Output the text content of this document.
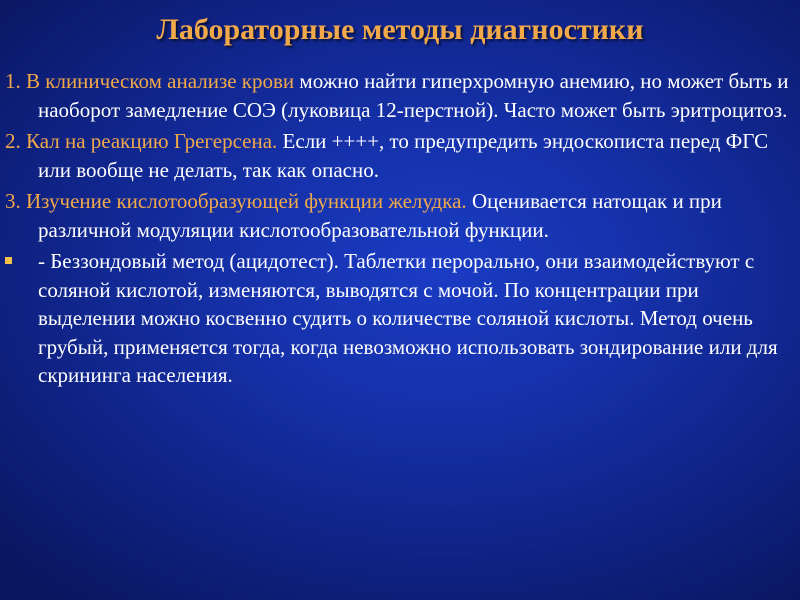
Лабораторные методы диагностики

1. В клиническом анализе крови можно найти гиперхромную анемию, но может быть и наоборот замедление СОЭ (луковица 12-перстной). Часто может быть эритроцитоз.

2. Кал на реакцию Грегерсена. Если ++++, то предупредить эндоскописта перед ФГС или вообще не делать, так как опасно.

3. Изучение кислотообразующей функции желудка. Оценивается натощак и при различной модуляции кислотообразовательной функции.

- Беззондовый метод (ацидотест). Таблетки перорально, они взаимодействуют с соляной кислотой, изменяются, выводятся с мочой. По концентрации при выделении можно косвенно судить о количестве соляной кислоты. Метод очень грубый, применяется тогда, когда невозможно использовать зондирование или для скрининга населения.
